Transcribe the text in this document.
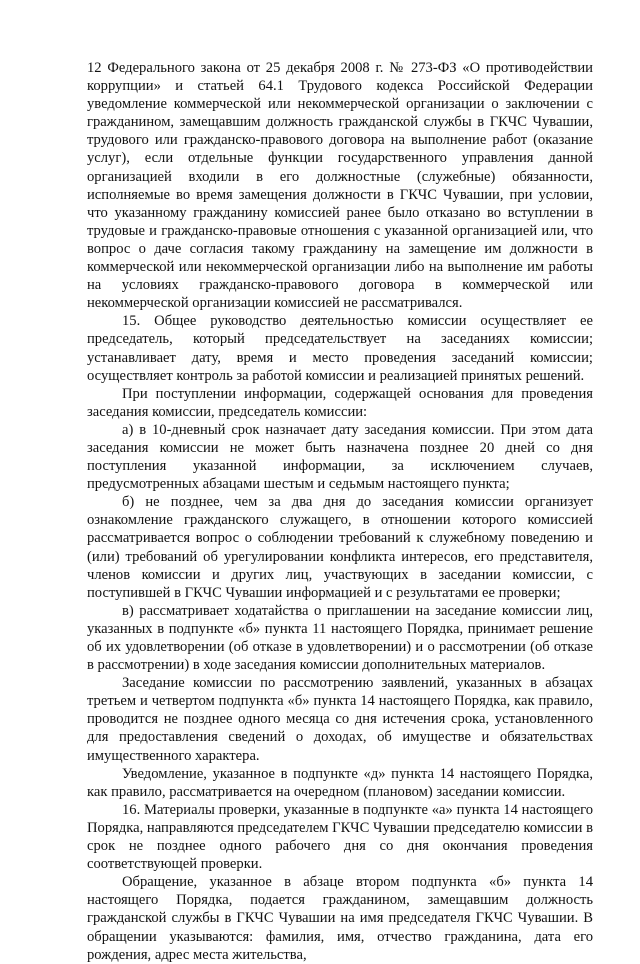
12 Федерального закона от 25 декабря 2008 г. № 273-ФЗ «О противодействии коррупции» и статьей 64.1 Трудового кодекса Российской Федерации уведомление коммерческой или некоммерческой организации о заключении с гражданином, замещавшим должность гражданской службы в ГКЧС Чувашии, трудового или гражданско-правового договора на выполнение работ (оказание услуг), если отдельные функции государственного управления данной организацией входили в его должностные (служебные) обязанности, исполняемые во время замещения должности в ГКЧС Чувашии, при условии, что указанному гражданину комиссией ранее было отказано во вступлении в трудовые и гражданско-правовые отношения с указанной организацией или, что вопрос о даче согласия такому гражданину на замещение им должности в коммерческой или некоммерческой организации либо на выполнение им работы на условиях гражданско-правового договора в коммерческой или некоммерческой организации комиссией не рассматривался.

15. Общее руководство деятельностью комиссии осуществляет ее председатель, который председательствует на заседаниях комиссии; устанавливает дату, время и место проведения заседаний комиссии; осуществляет контроль за работой комиссии и реализацией принятых решений.

При поступлении информации, содержащей основания для проведения заседания комиссии, председатель комиссии:

а) в 10-дневный срок назначает дату заседания комиссии. При этом дата заседания комиссии не может быть назначена позднее 20 дней со дня поступления указанной информации, за исключением случаев, предусмотренных абзацами шестым и седьмым настоящего пункта;

б) не позднее, чем за два дня до заседания комиссии организует ознакомление гражданского служащего, в отношении которого комиссией рассматривается вопрос о соблюдении требований к служебному поведению и (или) требований об урегулировании конфликта интересов, его представителя, членов комиссии и других лиц, участвующих в заседании комиссии, с поступившей в ГКЧС Чувашии информацией и с результатами ее проверки;

в) рассматривает ходатайства о приглашении на заседание комиссии лиц, указанных в подпункте «б» пункта 11 настоящего Порядка, принимает решение об их удовлетворении (об отказе в удовлетворении) и о рассмотрении (об отказе в рассмотрении) в ходе заседания комиссии дополнительных материалов.

Заседание комиссии по рассмотрению заявлений, указанных в абзацах третьем и четвертом подпункта «б» пункта 14 настоящего Порядка, как правило, проводится не позднее одного месяца со дня истечения срока, установленного для предоставления сведений о доходах, об имуществе и обязательствах имущественного характера.

Уведомление, указанное в подпункте «д» пункта 14 настоящего Порядка, как правило, рассматривается на очередном (плановом) заседании комиссии.

16. Материалы проверки, указанные в подпункте «а» пункта 14 настоящего Порядка, направляются председателем ГКЧС Чувашии председателю комиссии в срок не позднее одного рабочего дня со дня окончания проведения соответствующей проверки.

Обращение, указанное в абзаце втором подпункта «б» пункта 14 настоящего Порядка, подается гражданином, замещавшим должность гражданской службы в ГКЧС Чувашии на имя председателя ГКЧС Чувашии. В обращении указываются: фамилия, имя, отчество гражданина, дата его рождения, адрес места жительства,
